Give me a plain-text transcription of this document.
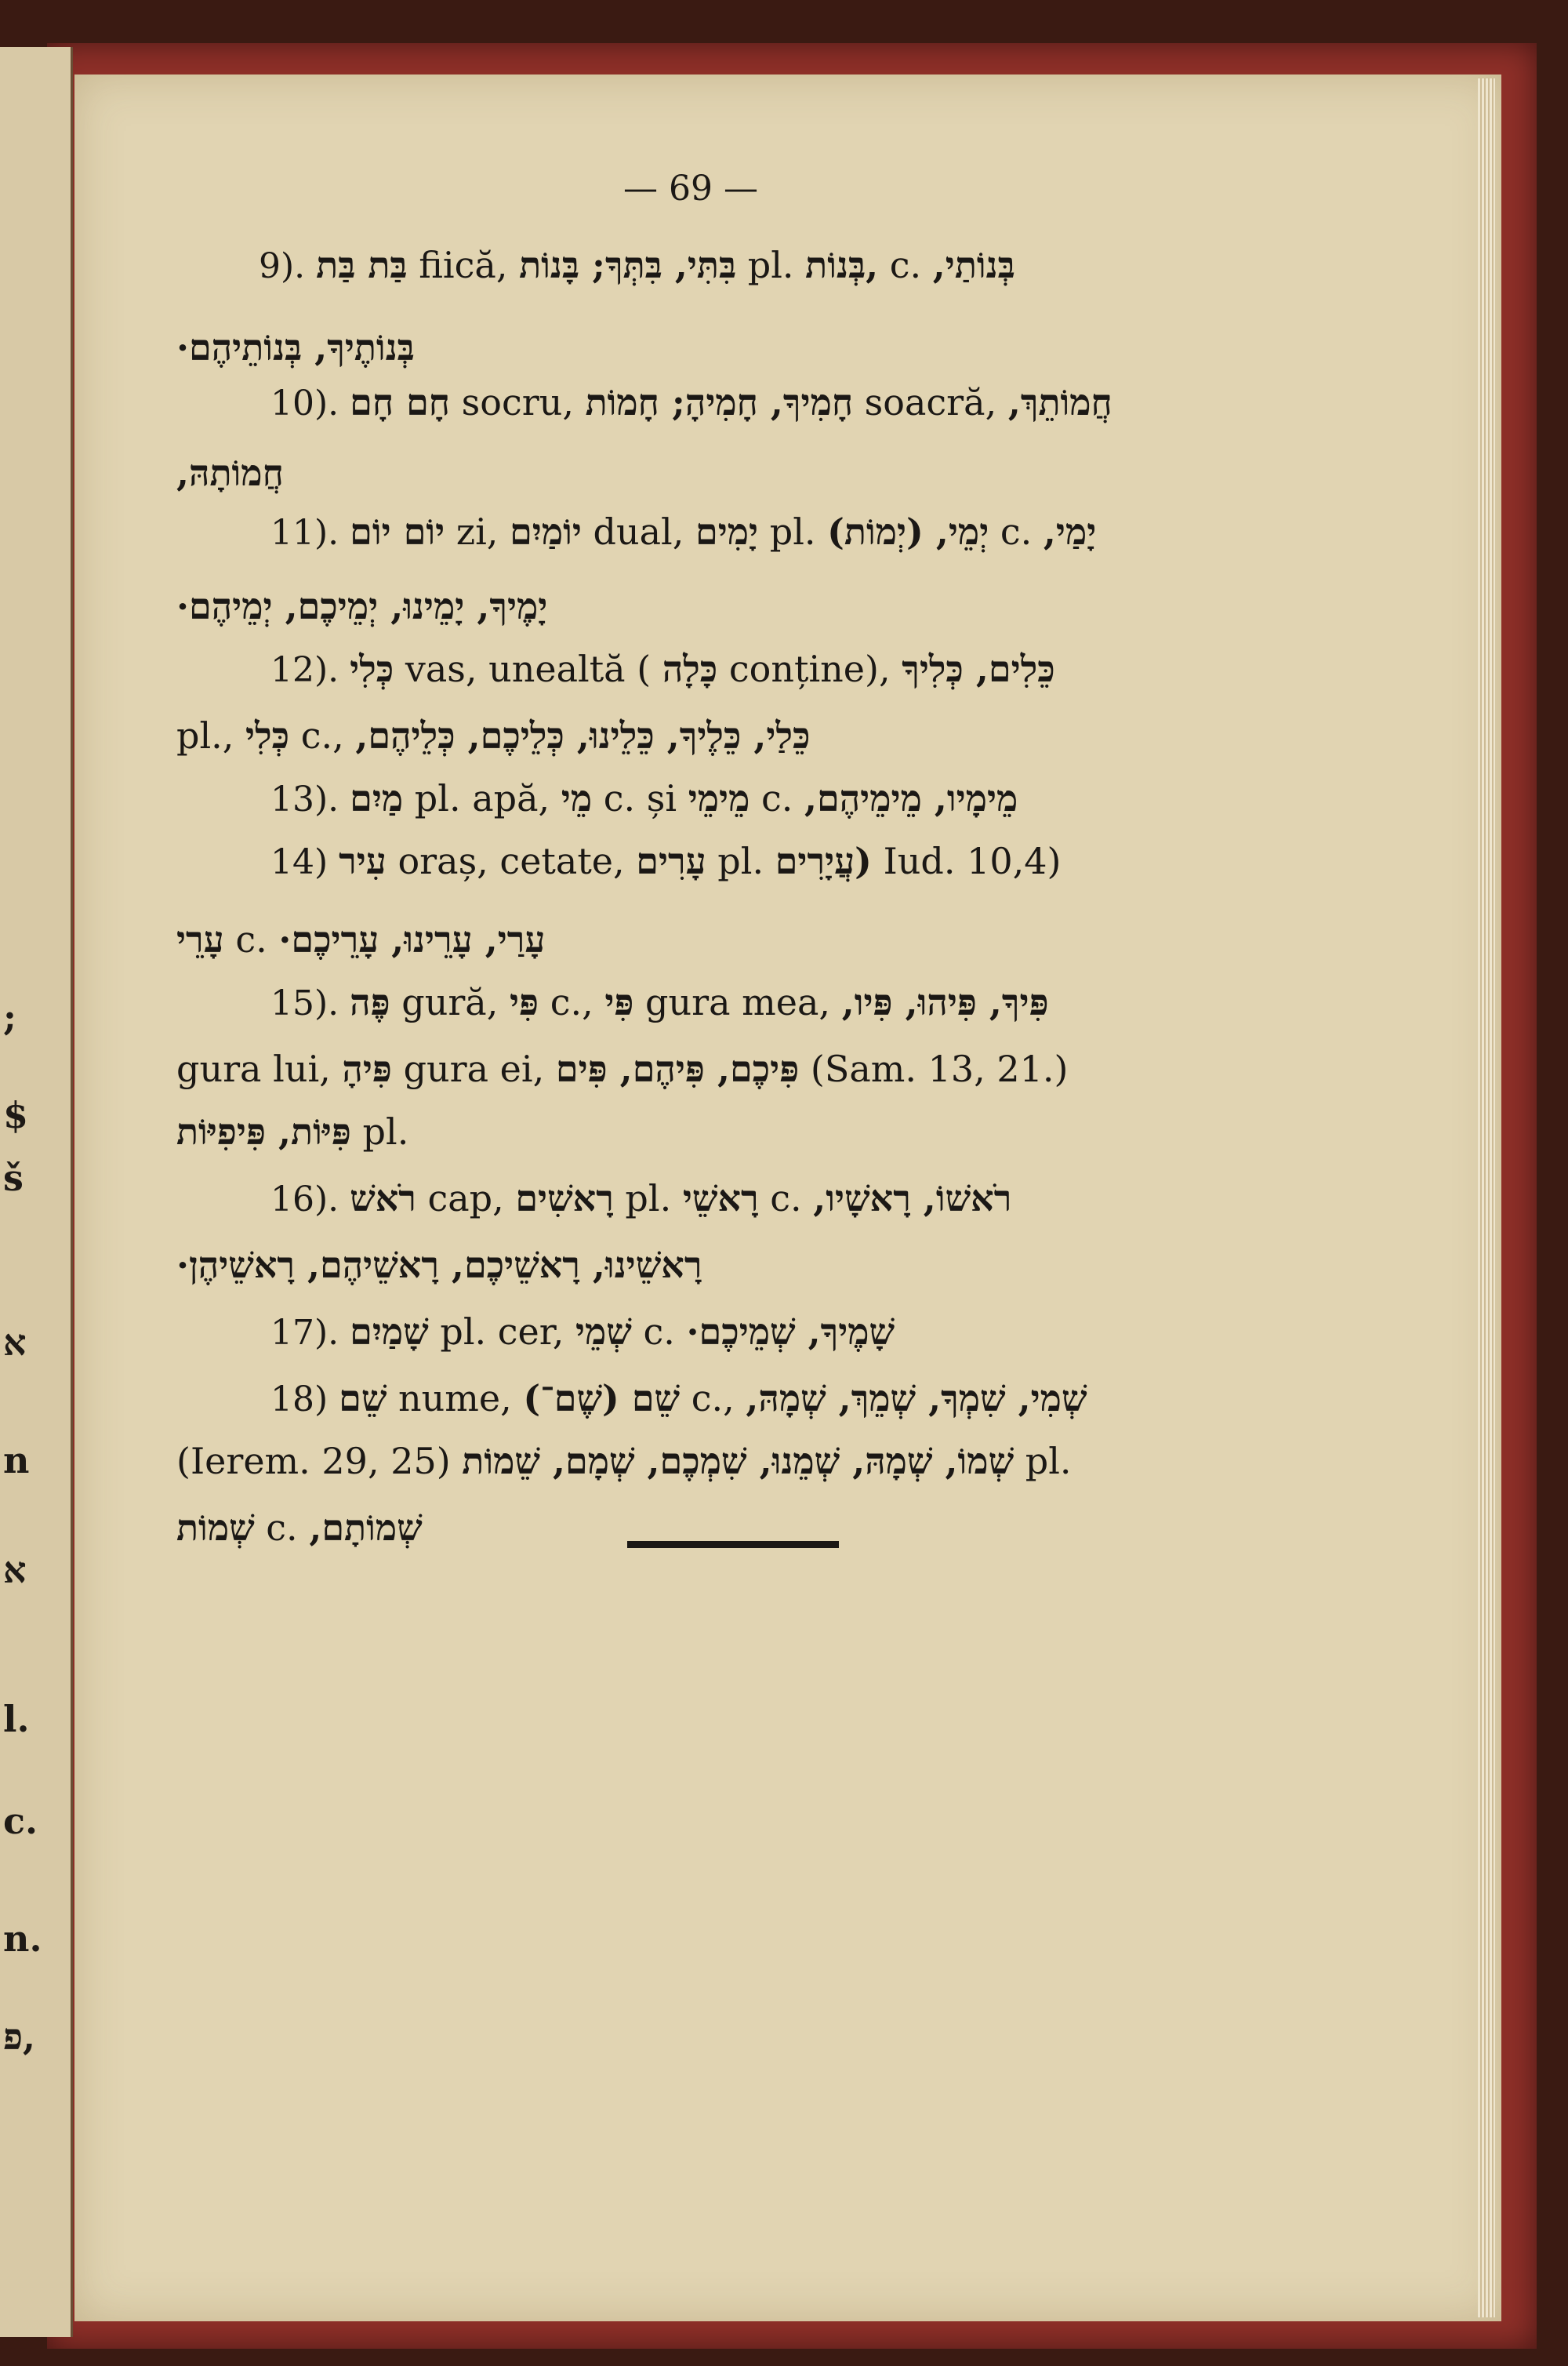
;
$
š
א
n
א
l.
c.
n.
פ,
— 69 —
9). בַּת בַּת fiică, בִּתִּי, בִּתְּךָ; בָּנוֹת pl. ,בְּנוֹת c. בְּנוֹתַי,
בְּנוֹתֶיךָ, בְּנוֹתֵיהֶם·
10). חָם חָם socru, חָמִיךָ, חָמִיהָ; חָמוֹת soacră, חֲמוֹתֵךְ,
חֲמוֹתָהּ,
11). יוֹם יוֹם zi, יוֹמַיִם dual, יָמִים pl. יְמֵי, (יְמוֹת) c. יָמַי,
יָמֶיךָ, יָמֵינוּ, יְמֵיכֶם, יְמֵיהֶם·
12). כְּלִי vas, unealtă ( כָּלָה conține), כֵּלִים, כְּלִיךָ
pl., כְּלִי c., כֵּלַי, כֵּלֶיךָ, כֵּלֵינוּ, כְּלֵיכֶם, כְּלֵיהֶם,
13). מַיִם pl. apă, מֵי c. și מֵימֵי c. מֵימָיו, מֵימֵיהֶם,
14) עִיר oraș, cetate, עָרִים pl. (עֲיָרִים Iud. 10,4)
עָרֵי c. עָרַי, עָרֵינוּ, עָרֵיכֶם·
15). פֶּה gură, פִּי c., פִּי gura mea, פִּיךָ, פִּיהוּ, פִּיו,
gura lui, פִּיהָ gura ei, פִּיכֶם, פִּיהֶם, פִּים (Sam. 13, 21.)
פִּיּוֹת, פִּיפִיּוֹת pl.
16). רֹאשׁ cap, רָאשִׁים pl. רָאשֵׁי c. רֹאשׁוֹ, רָאשָׁיו,
רָאשֵׁינוּ, רָאשֵׁיכֶם, רָאשֵׁיהֶם, רָאשֵׁיהֶן·
17). שָׁמַיִם pl. cer, שְׁמֵי c. שָׁמֶיךָ, שְׁמֵיכֶם·
18) שֵׁם nume, שֵׁם (שֶׁם־) c., שְׁמִי, שִׁמְךָ, שְׁמֵךְ, שְׁמָהּ,
(Ierem. 29, 25) שְׁמוֹ, שְׁמָהּ, שְׁמֵנוּ, שִׁמְכֶם, שְׁמָם, שֵׁמוֹת pl.
שְׁמוֹת c. שְׁמוֹתָם,
